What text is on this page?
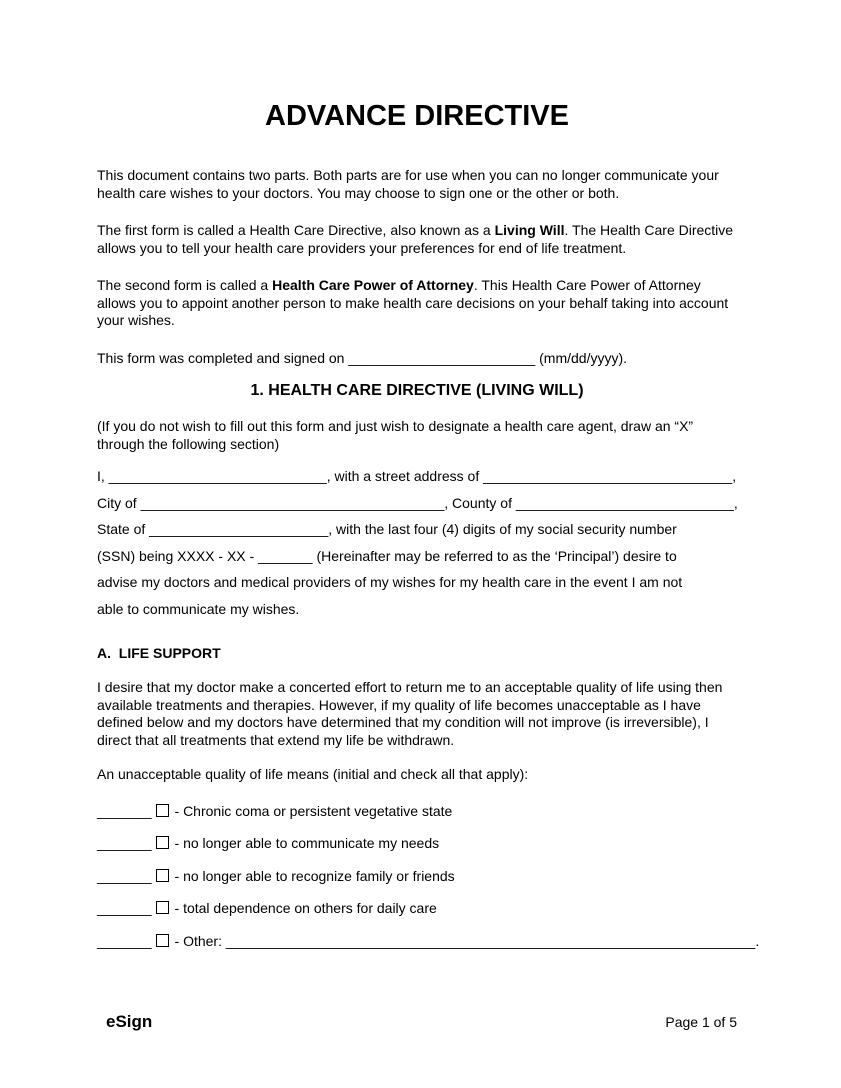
ADVANCE DIRECTIVE

This document contains two parts. Both parts are for use when you can no longer communicate your health care wishes to your doctors. You may choose to sign one or the other or both.

The first form is called a Health Care Directive, also known as a Living Will. The Health Care Directive allows you to tell your health care providers your preferences for end of life treatment.

The second form is called a Health Care Power of Attorney. This Health Care Power of Attorney allows you to appoint another person to make health care decisions on your behalf taking into account your wishes.

This form was completed and signed on ________________________ (mm/dd/yyyy).
1. HEALTH CARE DIRECTIVE (LIVING WILL)

(If you do not wish to fill out this form and just wish to designate a health care agent, draw an “X” through the following section)

I, ____________________________, with a street address of ________________________________,
City of _______________________________________, County of ____________________________,
State of _______________________, with the last four (4) digits of my social security number
(SSN) being XXXX - XX - _______ (Hereinafter may be referred to as the ‘Principal’) desire to
advise my doctors and medical providers of my wishes for my health care in the event I am not
able to communicate my wishes.
A.  LIFE SUPPORT

I desire that my doctor make a concerted effort to return me to an acceptable quality of life using then available treatments and therapies. However, if my quality of life becomes unacceptable as I have defined below and my doctors have determined that my condition will not improve (is irreversible), I direct that all treatments that extend my life be withdrawn.

An unacceptable quality of life means (initial and check all that apply):

_______ - Chronic coma or persistent vegetative state
_______ - no longer able to communicate my needs
_______ - no longer able to recognize family or friends
_______ - total dependence on others for daily care
_______ - Other: ____________________________________________________________________.
eSign	Page 1 of 5
